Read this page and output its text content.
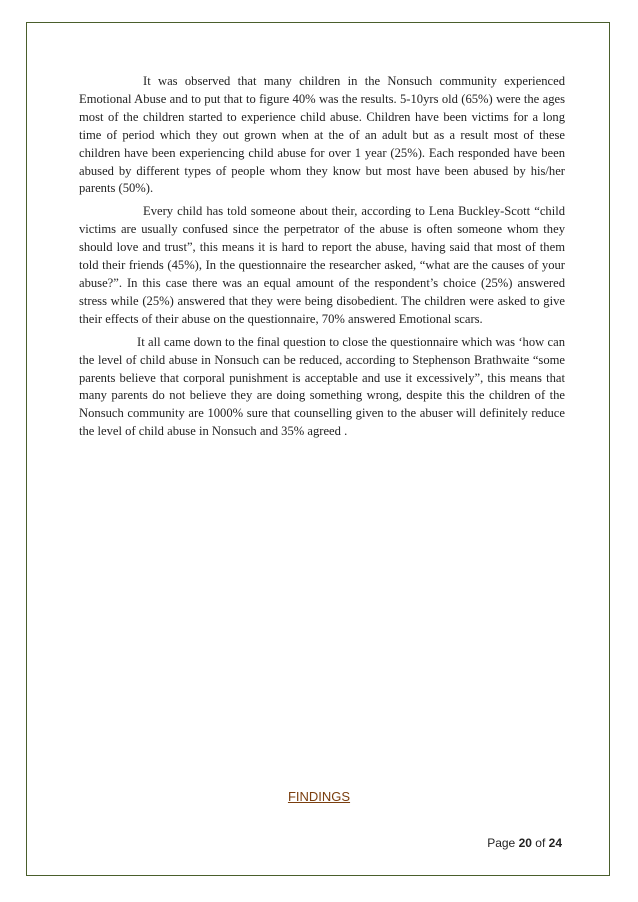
It was observed that many children in the Nonsuch community experienced Emotional Abuse and to put that to figure 40% was the results. 5-10yrs old (65%) were the ages most of the children started to experience child abuse. Children have been victims for a long time of period which they out grown when at the of an adult but as a result most of these children have been experiencing child abuse for over 1 year (25%). Each responded have been abused by different types of people whom they know but most have been abused by his/her parents (50%).

Every child has told someone about their, according to Lena Buckley-Scott “child victims are usually confused since the perpetrator of the abuse is often someone whom they should love and trust”, this means it is hard to report the abuse, having said that most of them told their friends (45%), In the questionnaire the researcher asked, “what are the causes of your abuse?”. In this case there was an equal amount of the respondent’s choice (25%) answered stress while (25%) answered that they were being disobedient. The children were asked to give their effects of their abuse on the questionnaire, 70% answered Emotional scars.

It all came down to the final question to close the questionnaire which was ‘how can the level of child abuse in Nonsuch can be reduced, according to Stephenson Brathwaite “some parents believe that corporal punishment is acceptable and use it excessively”, this means that many parents do not believe they are doing something wrong, despite this the children of the Nonsuch community are 1000% sure that counselling given to the abuser will definitely reduce the level of child abuse in Nonsuch and 35% agreed .

FINDINGS
Page 20 of 24
